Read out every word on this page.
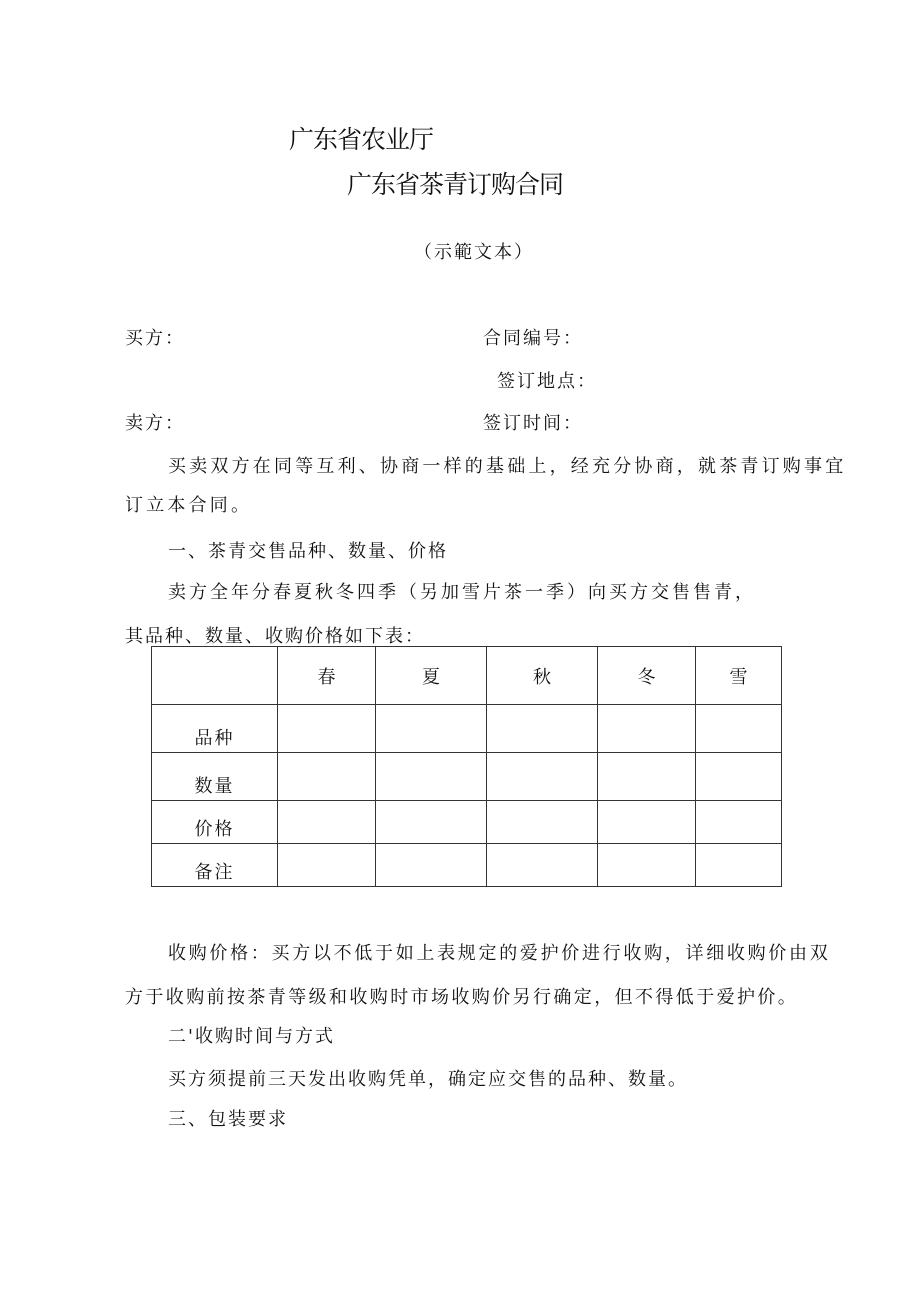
广东省农业厅
广东省茶青订购合同
（示範文本）
买方：	合同编号：
签订地点：
卖方：	签订时间：
买卖双方在同等互利、协商一样的基础上，经充分协商，就茶青订购事宜
订立本合同。
一、茶青交售品种、数量、价格
卖方全年分春夏秋冬四季（另加雪片茶一季）向买方交售售青，
其品种、数量、收购价格如下表：
	春	夏	秋	冬	雪
品种					
数量					
价格					
备注					
收购价格：买方以不低于如上表规定的爱护价进行收购，详细收购价由双
方于收购前按茶青等级和收购时市场收购价另行确定，但不得低于爱护价。
二'收购时间与方式
买方须提前三天发出收购凭单，确定应交售的品种、数量。
三、包装要求
